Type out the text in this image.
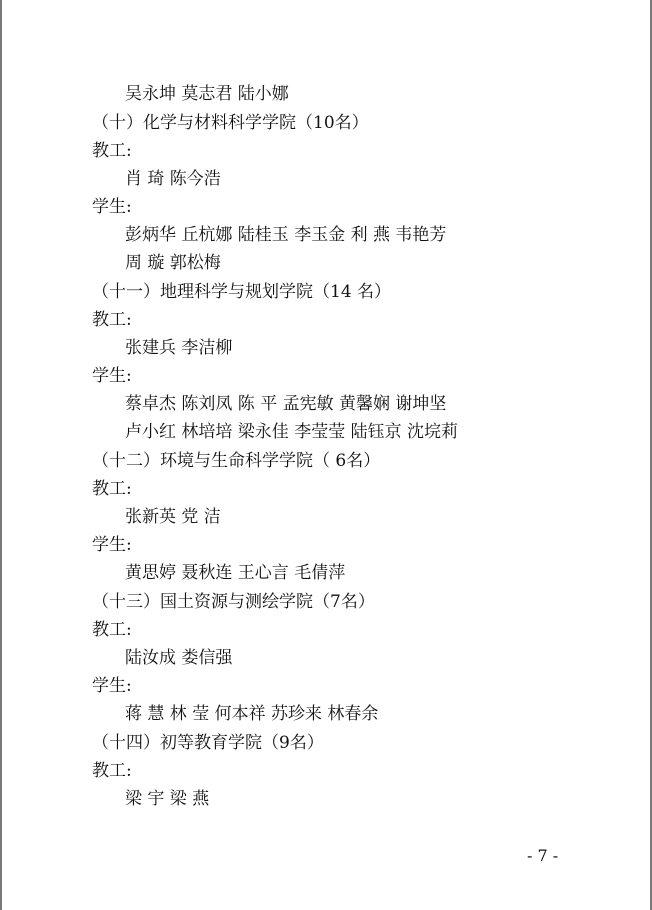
吴永坤 莫志君 陆小娜
（十）化学与材料科学学院（10名）
教工:
肖 琦 陈今浩
学生:
彭炳华 丘杭娜 陆桂玉 李玉金 利 燕 韦艳芳
周 璇 郭松梅
（十一）地理科学与规划学院（14 名）
教工:
张建兵 李洁柳
学生:
蔡卓杰 陈刘凤 陈 平 孟宪敏 黄馨娴 谢坤坚
卢小红 林培培 梁永佳 李莹莹 陆钰京 沈垸莉
（十二）环境与生命科学学院（ 6名）
教工:
张新英 党 洁
学生:
黄思婷 聂秋连 王心言 毛倩萍
（十三）国土资源与测绘学院（7名）
教工:
陆汝成 娄信强
学生:
蒋 慧 林 莹 何本祥 苏珍来 林春余
（十四）初等教育学院（9名）
教工:
梁 宇 梁 燕
- 7 -
